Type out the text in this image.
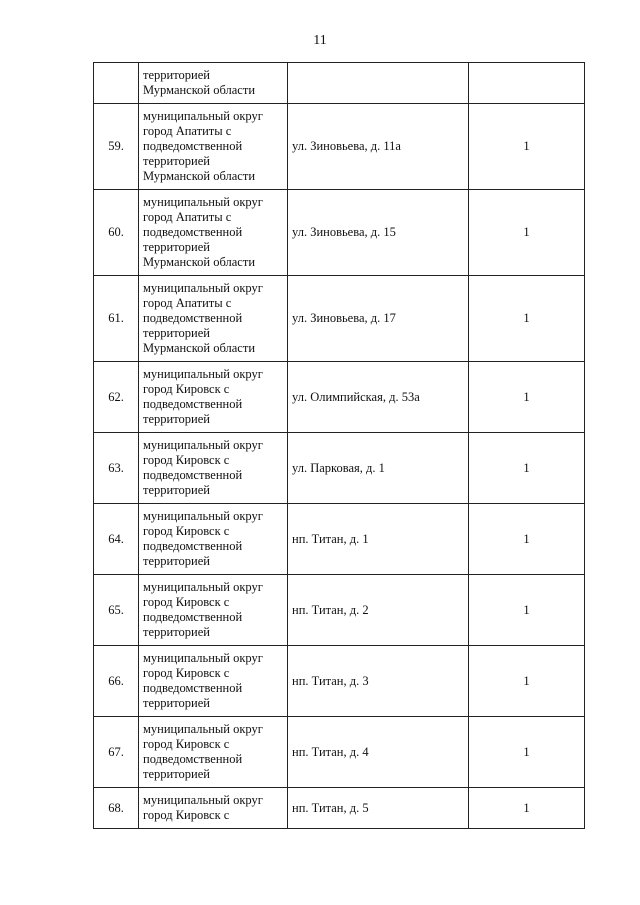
11

	территорией
Мурманской области		

59.	муниципальный округ
город Апатиты с
подведомственной
территорией
Мурманской области	ул. Зиновьева, д. 11а	1
60.	муниципальный округ
город Апатиты с
подведомственной
территорией
Мурманской области	ул. Зиновьева, д. 15	1
61.	муниципальный округ
город Апатиты с
подведомственной
территорией
Мурманской области	ул. Зиновьева, д. 17	1
62.	муниципальный округ
город Кировск с
подведомственной
территорией	ул. Олимпийская, д. 53а	1
63.	муниципальный округ
город Кировск с
подведомственной
территорией	ул. Парковая, д. 1	1
64.	муниципальный округ
город Кировск с
подведомственной
территорией	нп. Титан, д. 1	1
65.	муниципальный округ
город Кировск с
подведомственной
территорией	нп. Титан, д. 2	1
66.	муниципальный округ
город Кировск с
подведомственной
территорией	нп. Титан, д. 3	1
67.	муниципальный округ
город Кировск с
подведомственной
территорией	нп. Титан, д. 4	1
68.	муниципальный округ
город Кировск с	нп. Титан, д. 5	1
